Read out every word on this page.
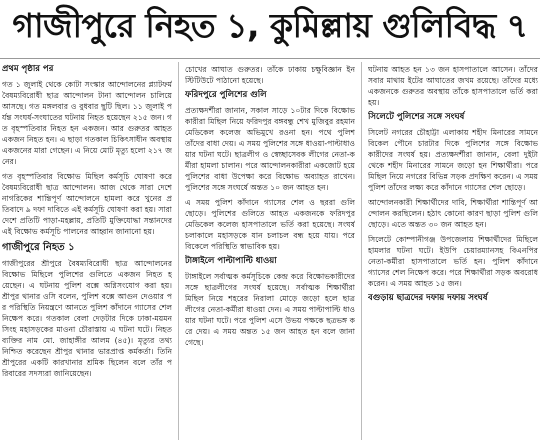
গাজীপুরে নিহত ১, কুমিল্লায় গুলিবিদ্ধ ৭
প্রথম পৃষ্ঠার পর

গত ১ জুলাই থেকে কোটা সংস্কার আন্দোলনের প্ল্যাটফর্ম বৈষম্যবিরোধী ছাত্র আন্দোলন টানা আন্দোলন চালিয়ে আসছে। গত মঙ্গলবার ও বুধবার ছুটি ছিল। ১১ জুলাই পর্যন্ত সংঘর্ষ-সংঘাতের ঘটনায় নিহত হয়েছেন ২১৫ জন। গত বৃহস্পতিবার নিহত হন একজন। আর গুরুতর আহত একজন নিহত হন। এ ছাড়া গতকাল চিকিৎসাধীন অবস্থায় একজনের মারা গেছেন। এ নিয়ে মোট মৃত্যু হলো ২১৭ জনের।

গত বৃহস্পতিবার বিক্ষোভ মিছিল কর্মসূচি ঘোষণা করে বৈষম্যবিরোধী ছাত্র আন্দোলন। আজ থেকে সারা দেশে নাগরিকের শান্তিপূর্ণ আন্দোলনে হামলা করে খুনের প্রতিবাদে ৯ দফা দাবিতে এই কর্মসূচি ঘোষণা করা হয়। সারা দেশে প্রতিটি পাড়া-মহল্লায়, প্রতিটি মুক্তিযোদ্ধা সন্তানদের এই বিক্ষোভ কর্মসূচি পালনের আহ্বান জানানো হয়।

গাজীপুরে নিহত ১

গাজীপুরের শ্রীপুরে বৈষম্যবিরোধী ছাত্র আন্দোলনের বিক্ষোভ মিছিলে পুলিশের গুলিতে একজন নিহত হয়েছেন। এ ঘটনায় পুলিশ বক্সে অগ্নিসংযোগ করা হয়। শ্রীপুর থানার ওসি বলেন, পুলিশ বক্সে আগুন দেওয়ার পর পরিস্থিতি নিয়ন্ত্রণে আনতে পুলিশ কাঁদানে গ্যাসের শেল নিক্ষেপ করে। গতকাল বেলা দেড়টার দিকে ঢাকা-ময়মনসিংহ মহাসড়কের মাওনা চৌরাস্তায় এ ঘটনা ঘটে। নিহত ব্যক্তির নাম মো. জাহাঙ্গীর আলম (৪৫)। মৃত্যুর তথ্য নিশ্চিত করেছেন শ্রীপুর থানার ভারপ্রাপ্ত কর্মকর্তা। তিনি শ্রীপুরের একটি কারখানার শ্রমিক ছিলেন বলে তাঁর পরিবারের সদস্যরা জানিয়েছেন।

চোখের আঘাত গুরুতর। তাঁকে ঢাকায় চক্ষুবিজ্ঞান ইনস্টিটিউটে পাঠানো হয়েছে।

ফরিদপুরে পুলিশের গুলি

প্রত্যক্ষদর্শীরা জানান, সকাল সাড়ে ১০টার দিকে বিক্ষোভকারীরা মিছিল নিয়ে ফরিদপুর বঙ্গবন্ধু শেখ মুজিবুর রহমান মেডিকেল কলেজ অভিমুখে রওনা হন। পথে পুলিশ তাঁদের বাধা দেয়। এ সময় পুলিশের সঙ্গে ধাওয়া-পাল্টাধাওয়ার ঘটনা ঘটে। ছাত্রলীগ ও স্বেচ্ছাসেবক লীগের নেতা-কর্মীরা হামলা চালান। পরে আন্দোলনকারীরা একজোট হয়ে পুলিশের বাধা উপেক্ষা করে বিক্ষোভ অব্যাহত রাখেন। পুলিশের সঙ্গে সংঘর্ষে অন্তত ১০ জন আহত হন।

এ সময় পুলিশ কাঁদানে গ্যাসের শেল ও ছররা গুলি ছোড়ে। পুলিশের গুলিতে আহত একজনকে ফরিদপুর মেডিকেল কলেজ হাসপাতালে ভর্তি করা হয়েছে। সংঘর্ষ চলাকালে মহাসড়কে যান চলাচল বন্ধ হয়ে যায়। পরে বিকেলে পরিস্থিতি স্বাভাবিক হয়।

টাঙ্গাইলে পাল্টাপাল্টি ধাওয়া

টাঙ্গাইলে সর্বাত্মক কর্মসূচিকে কেন্দ্র করে বিক্ষোভকারীদের সঙ্গে ছাত্রলীগের সংঘর্ষ হয়েছে। সর্বাত্মক শিক্ষার্থীরা মিছিল নিয়ে শহরের নিরালা মোড়ে জড়ো হলে ছাত্রলীগের নেতা-কর্মীরা ধাওয়া দেন। এ সময় পাল্টাপাল্টি ধাওয়ার ঘটনা ঘটে। পরে পুলিশ এসে উভয় পক্ষকে ছত্রভঙ্গ করে দেয়। এ সময় অন্তত ১৫ জন আহত হন বলে জানা গেছে।

ঘটনায় আহত হন ১৩ জন হাসপাতালে আসেন। তাঁদের সবার মাথায় ইটের আঘাতের জখম রয়েছে। তাঁদের মধ্যে একজনকে গুরুতর অবস্থায় তাঁকে হাসপাতালে ভর্তি করা হয়।

সিলেটে পুলিশের সঙ্গে সংঘর্ষ

সিলেট নগরের চৌহাট্টা এলাকায় শহীদ মিনারের সামনে বিকেল পৌনে চারটার দিকে পুলিশের সঙ্গে বিক্ষোভকারীদের সংঘর্ষ হয়। প্রত্যক্ষদর্শীরা জানান, বেলা দুইটা থেকে শহীদ মিনারের সামনে জড়ো হন শিক্ষার্থীরা। পরে মিছিল নিয়ে নগরের বিভিন্ন সড়ক প্রদক্ষিণ করেন। এ সময় পুলিশ তাঁদের লক্ষ্য করে কাঁদানে গ্যাসের শেল ছোড়ে।

আন্দোলনকারী শিক্ষার্থীদের দাবি, শিক্ষার্থীরা শান্তিপূর্ণ আন্দোলন করছিলেন। হঠাৎ কোনো কারণ ছাড়া পুলিশ গুলি ছোড়ে। এতে অন্তত ৩০ জন আহত হন।

সিলেটে কোম্পানীগঞ্জ উপজেলায় শিক্ষার্থীদের মিছিলে হামলার ঘটনা ঘটে। ইউপি চেয়ারম্যানসহ বিএনপির নেতা-কর্মীরা হাসপাতালে ভর্তি হন। পুলিশ কাঁদানে গ্যাসের শেল নিক্ষেপ করে। পরে শিক্ষার্থীরা সড়ক অবরোধ করেন। এ সময় আহত ১৫ জন।

বগুড়ায় ছাত্রদের দফায় দফায় সংঘর্ষ
